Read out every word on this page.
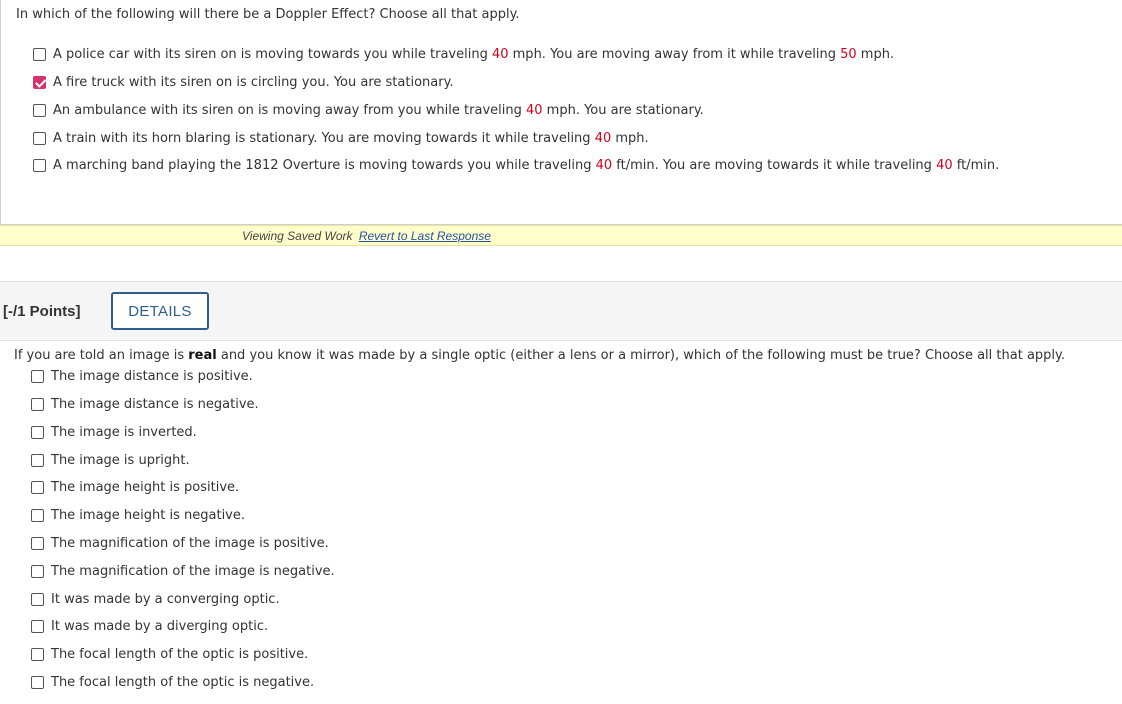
In which of the following will there be a Doppler Effect? Choose all that apply.
A police car with its siren on is moving towards you while traveling 40 mph. You are moving away from it while traveling 50 mph.
A fire truck with its siren on is circling you. You are stationary.
An ambulance with its siren on is moving away from you while traveling 40 mph. You are stationary.
A train with its horn blaring is stationary. You are moving towards it while traveling 40 mph.
A marching band playing the 1812 Overture is moving towards you while traveling 40 ft/min. You are moving towards it while traveling 40 ft/min.
Viewing Saved Work Revert to Last Response
[-/1 Points]	DETAILS
If you are told an image is real and you know it was made by a single optic (either a lens or a mirror), which of the following must be true? Choose all that apply.
The image distance is positive.
The image distance is negative.
The image is inverted.
The image is upright.
The image height is positive.
The image height is negative.
The magnification of the image is positive.
The magnification of the image is negative.
It was made by a converging optic.
It was made by a diverging optic.
The focal length of the optic is positive.
The focal length of the optic is negative.
